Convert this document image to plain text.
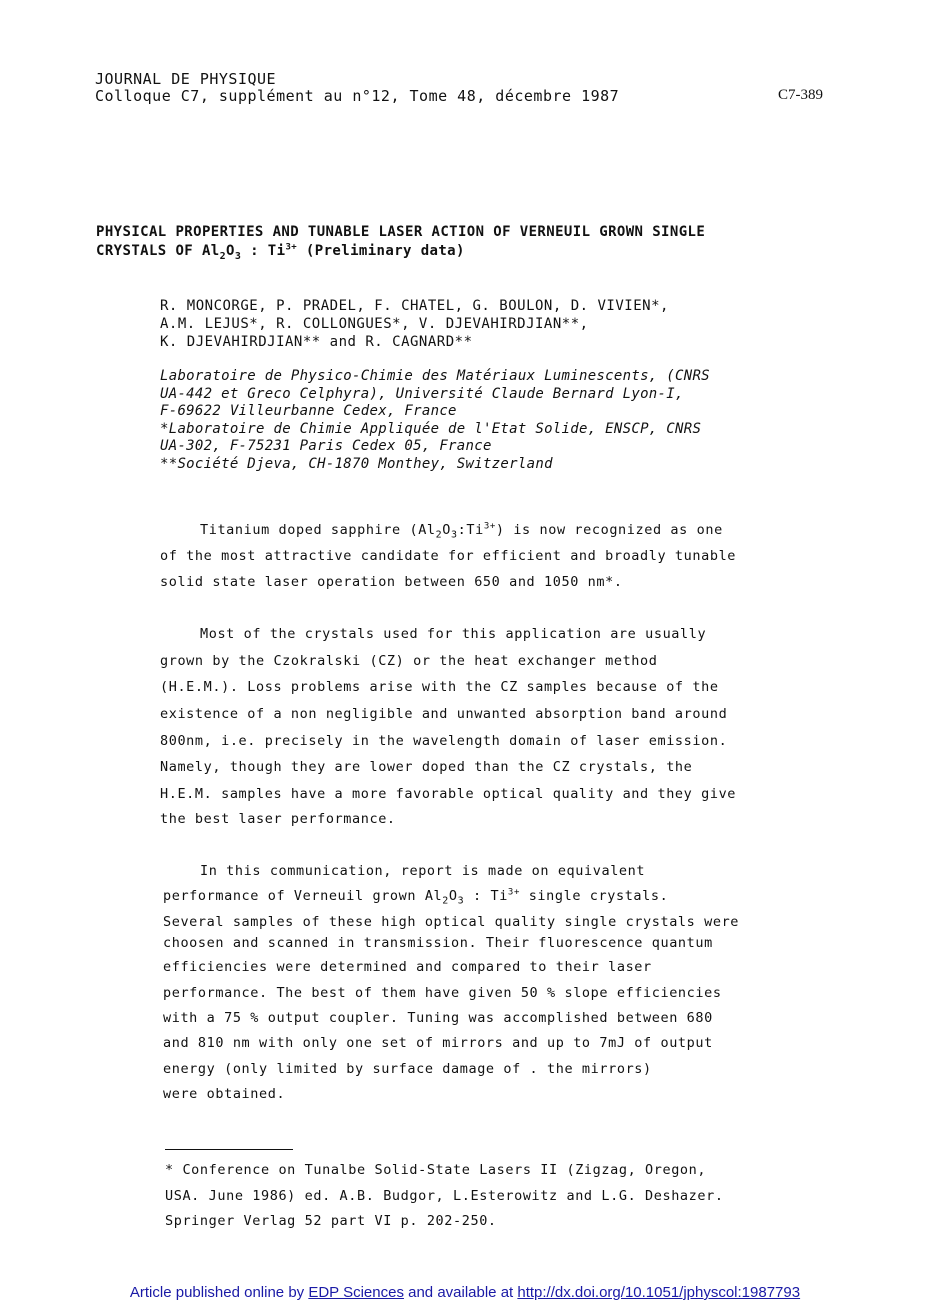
JOURNAL DE PHYSIQUE
Colloque C7, supplément au n°12, Tome 48, décembre 1987	C7-389
PHYSICAL PROPERTIES AND TUNABLE LASER ACTION OF VERNEUIL GROWN SINGLE
CRYSTALS OF $Al_2O_3$ : $Ti^{3+}$ (Preliminary data)
R. MONCORGE, P. PRADEL, F. CHATEL, G. BOULON, D. VIVIEN*,
A.M. LEJUS*, R. COLLONGUES*, V. DJEVAHIRDJIAN**,
K. DJEVAHIRDJIAN** and R. CAGNARD**
Laboratoire de Physico-Chimie des Matériaux Luminescents, (CNRS
UA-442 et Greco Celphyra), Université Claude Bernard Lyon-I,
F-69622 Villeurbanne Cedex, France
*Laboratoire de Chimie Appliquée de l'Etat Solide, ENSCP, CNRS
UA-302, F-75231 Paris Cedex 05, France
**Société Djeva, CH-1870 Monthey, Switzerland
Titanium doped sapphire $(Al_2O_3:Ti^{3+})$ is now recognized as one
of the most attractive candidate for efficient and broadly tunable
solid state laser operation between 650 and 1050 nm*.
Most of the crystals used for this application are usually
grown by the Czokralski (CZ) or the heat exchanger method
(H.E.M.). Loss problems arise with the CZ samples because of the
existence of a non negligible and unwanted absorption band around
800nm, i.e. precisely in the wavelength domain of laser emission.
Namely, though they are lower doped than the CZ crystals, the
H.E.M. samples have a more favorable optical quality and they give
the best laser performance.
In this communication, report is made on equivalent
performance of Verneuil grown $Al_2O_3$ : $Ti^{3+}$ single crystals.
Several samples of these high optical quality single crystals were
choosen and scanned in transmission. Their fluorescence quantum
efficiencies were determined and compared to their laser
performance. The best of them have given 50 % slope efficiencies
with a 75 % output coupler. Tuning was accomplished between 680
and 810 nm with only one set of mirrors and up to 7mJ of output
energy (only limited by surface damage of . the mirrors)
were obtained.
* Conference on Tunalbe Solid-State Lasers II (Zigzag, Oregon,
USA. June 1986) ed. A.B. Budgor, L.Esterowitz and L.G. Deshazer.
Springer Verlag 52 part VI p. 202-250.
Article published online by EDP Sciences and available at http://dx.doi.org/10.1051/jphyscol:1987793
